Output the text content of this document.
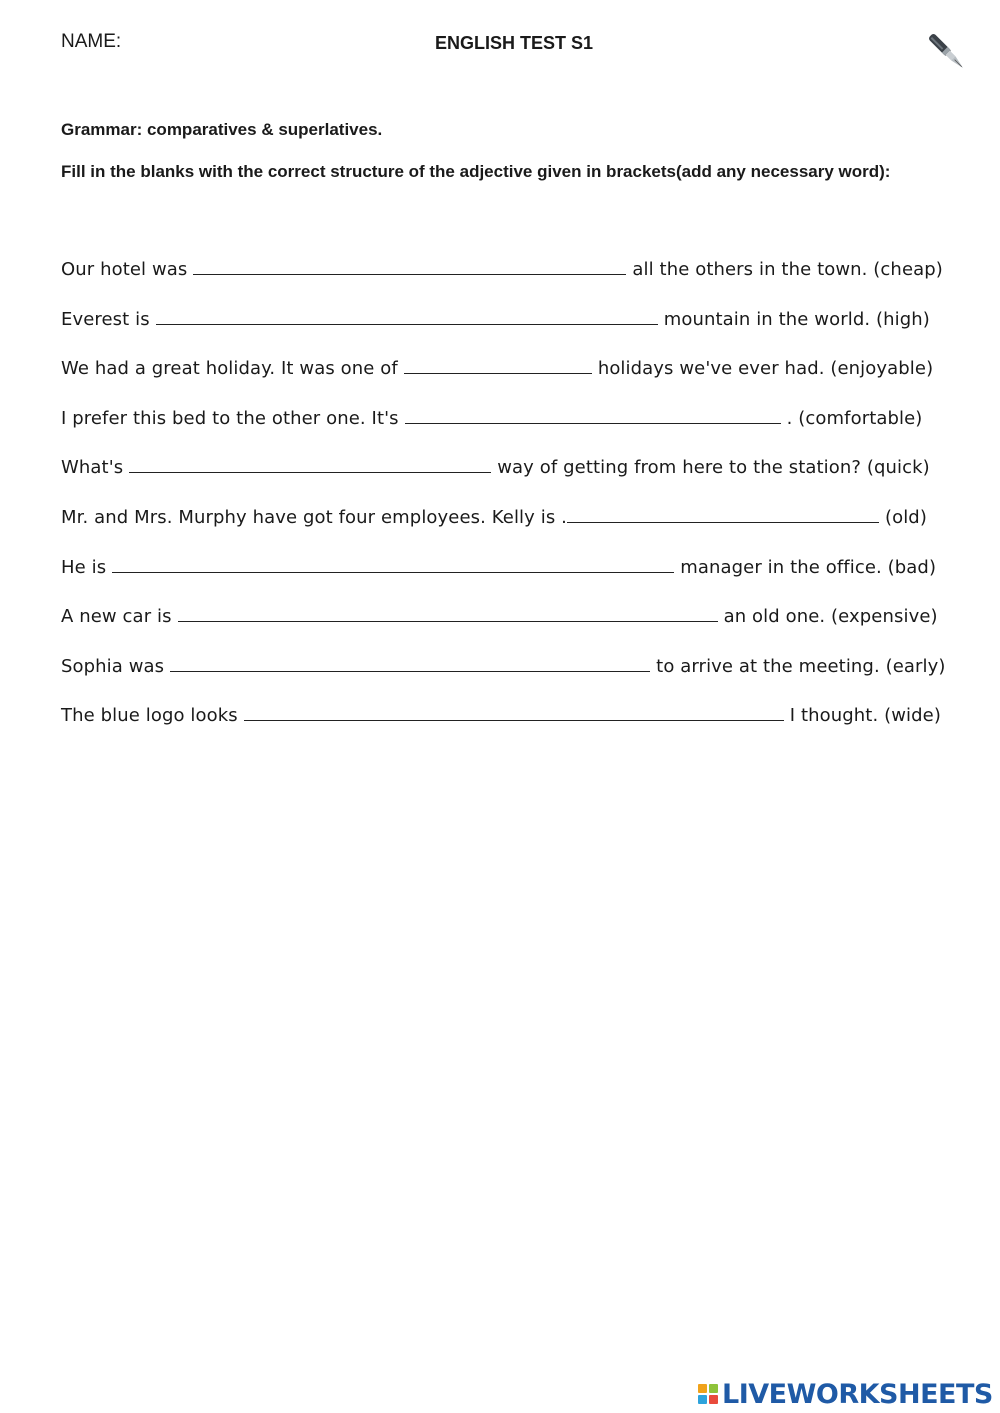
NAME:	ENGLISH TEST S1
Grammar: comparatives & superlatives.
Fill in the blanks with the correct structure of the adjective given in brackets(add any necessary word):
Our hotel was	all the others in the town. (cheap)
Everest is	mountain in the world. (high)
We had a great holiday. It was one of	holidays we've ever had. (enjoyable)
I prefer this bed to the other one. It's	. (comfortable)
What's	way of getting from here to the station? (quick)
Mr. and Mrs. Murphy have got four employees. Kelly is .	(old)
He is	manager in the office. (bad)
A new car is	an old one. (expensive)
Sophia was	to arrive at the meeting. (early)
The blue logo looks	I thought. (wide)
LIVEWORKSHEETS
